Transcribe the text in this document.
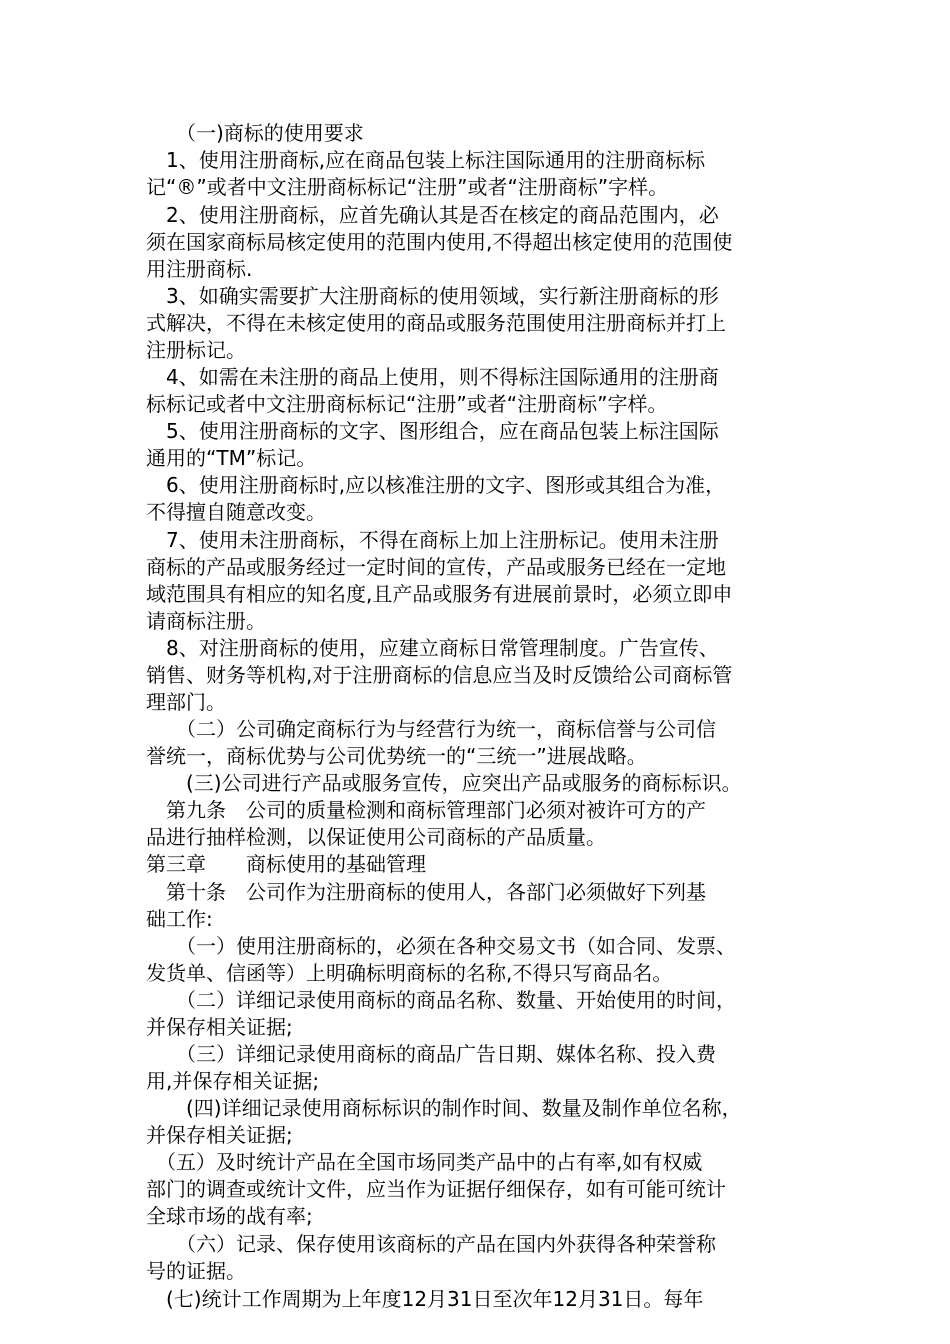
　　（一)商标的使用要求
　1、使用注册商标,应在商品包装上标注国际通用的注册商标标
记“®”或者中文注册商标标记“注册”或者“注册商标”字样。
　2、使用注册商标，应首先确认其是否在核定的商品范围内，必
须在国家商标局核定使用的范围内使用,不得超出核定使用的范围使
用注册商标.
　3、如确实需要扩大注册商标的使用领域，实行新注册商标的形
式解决，不得在未核定使用的商品或服务范围使用注册商标并打上
注册标记。
　4、如需在未注册的商品上使用，则不得标注国际通用的注册商
标标记或者中文注册商标标记“注册”或者“注册商标”字样。
　5、使用注册商标的文字、图形组合，应在商品包装上标注国际
通用的“TM”标记。
　6、使用注册商标时,应以核准注册的文字、图形或其组合为准，
不得擅自随意改变。
　7、使用未注册商标，不得在商标上加上注册标记。使用未注册
商标的产品或服务经过一定时间的宣传，产品或服务已经在一定地
域范围具有相应的知名度,且产品或服务有进展前景时，必须立即申
请商标注册。
　8、对注册商标的使用，应建立商标日常管理制度。广告宣传、
销售、财务等机构,对于注册商标的信息应当及时反馈给公司商标管
理部门。
　　（二）公司确定商标行为与经营行为统一，商标信誉与公司信
誉统一，商标优势与公司优势统一的“三统一”进展战略。
　　(三)公司进行产品或服务宣传，应突出产品或服务的商标标识。
　第九条　公司的质量检测和商标管理部门必须对被许可方的产
品进行抽样检测，以保证使用公司商标的产品质量。
第三章　　商标使用的基础管理
　第十条　公司作为注册商标的使用人，各部门必须做好下列基
础工作:
　　（一）使用注册商标的，必须在各种交易文书（如合同、发票、
发货单、信函等）上明确标明商标的名称,不得只写商品名。
　　（二）详细记录使用商标的商品名称、数量、开始使用的时间，
并保存相关证据;
　　（三）详细记录使用商标的商品广告日期、媒体名称、投入费
用,并保存相关证据;
　　(四)详细记录使用商标标识的制作时间、数量及制作单位名称，
并保存相关证据;
　（五）及时统计产品在全国市场同类产品中的占有率,如有权威
部门的调查或统计文件，应当作为证据仔细保存，如有可能可统计
全球市场的战有率;
　　（六）记录、保存使用该商标的产品在国内外获得各种荣誉称
号的证据。
　(七)统计工作周期为上年度12月31日至次年12月31日。每年
